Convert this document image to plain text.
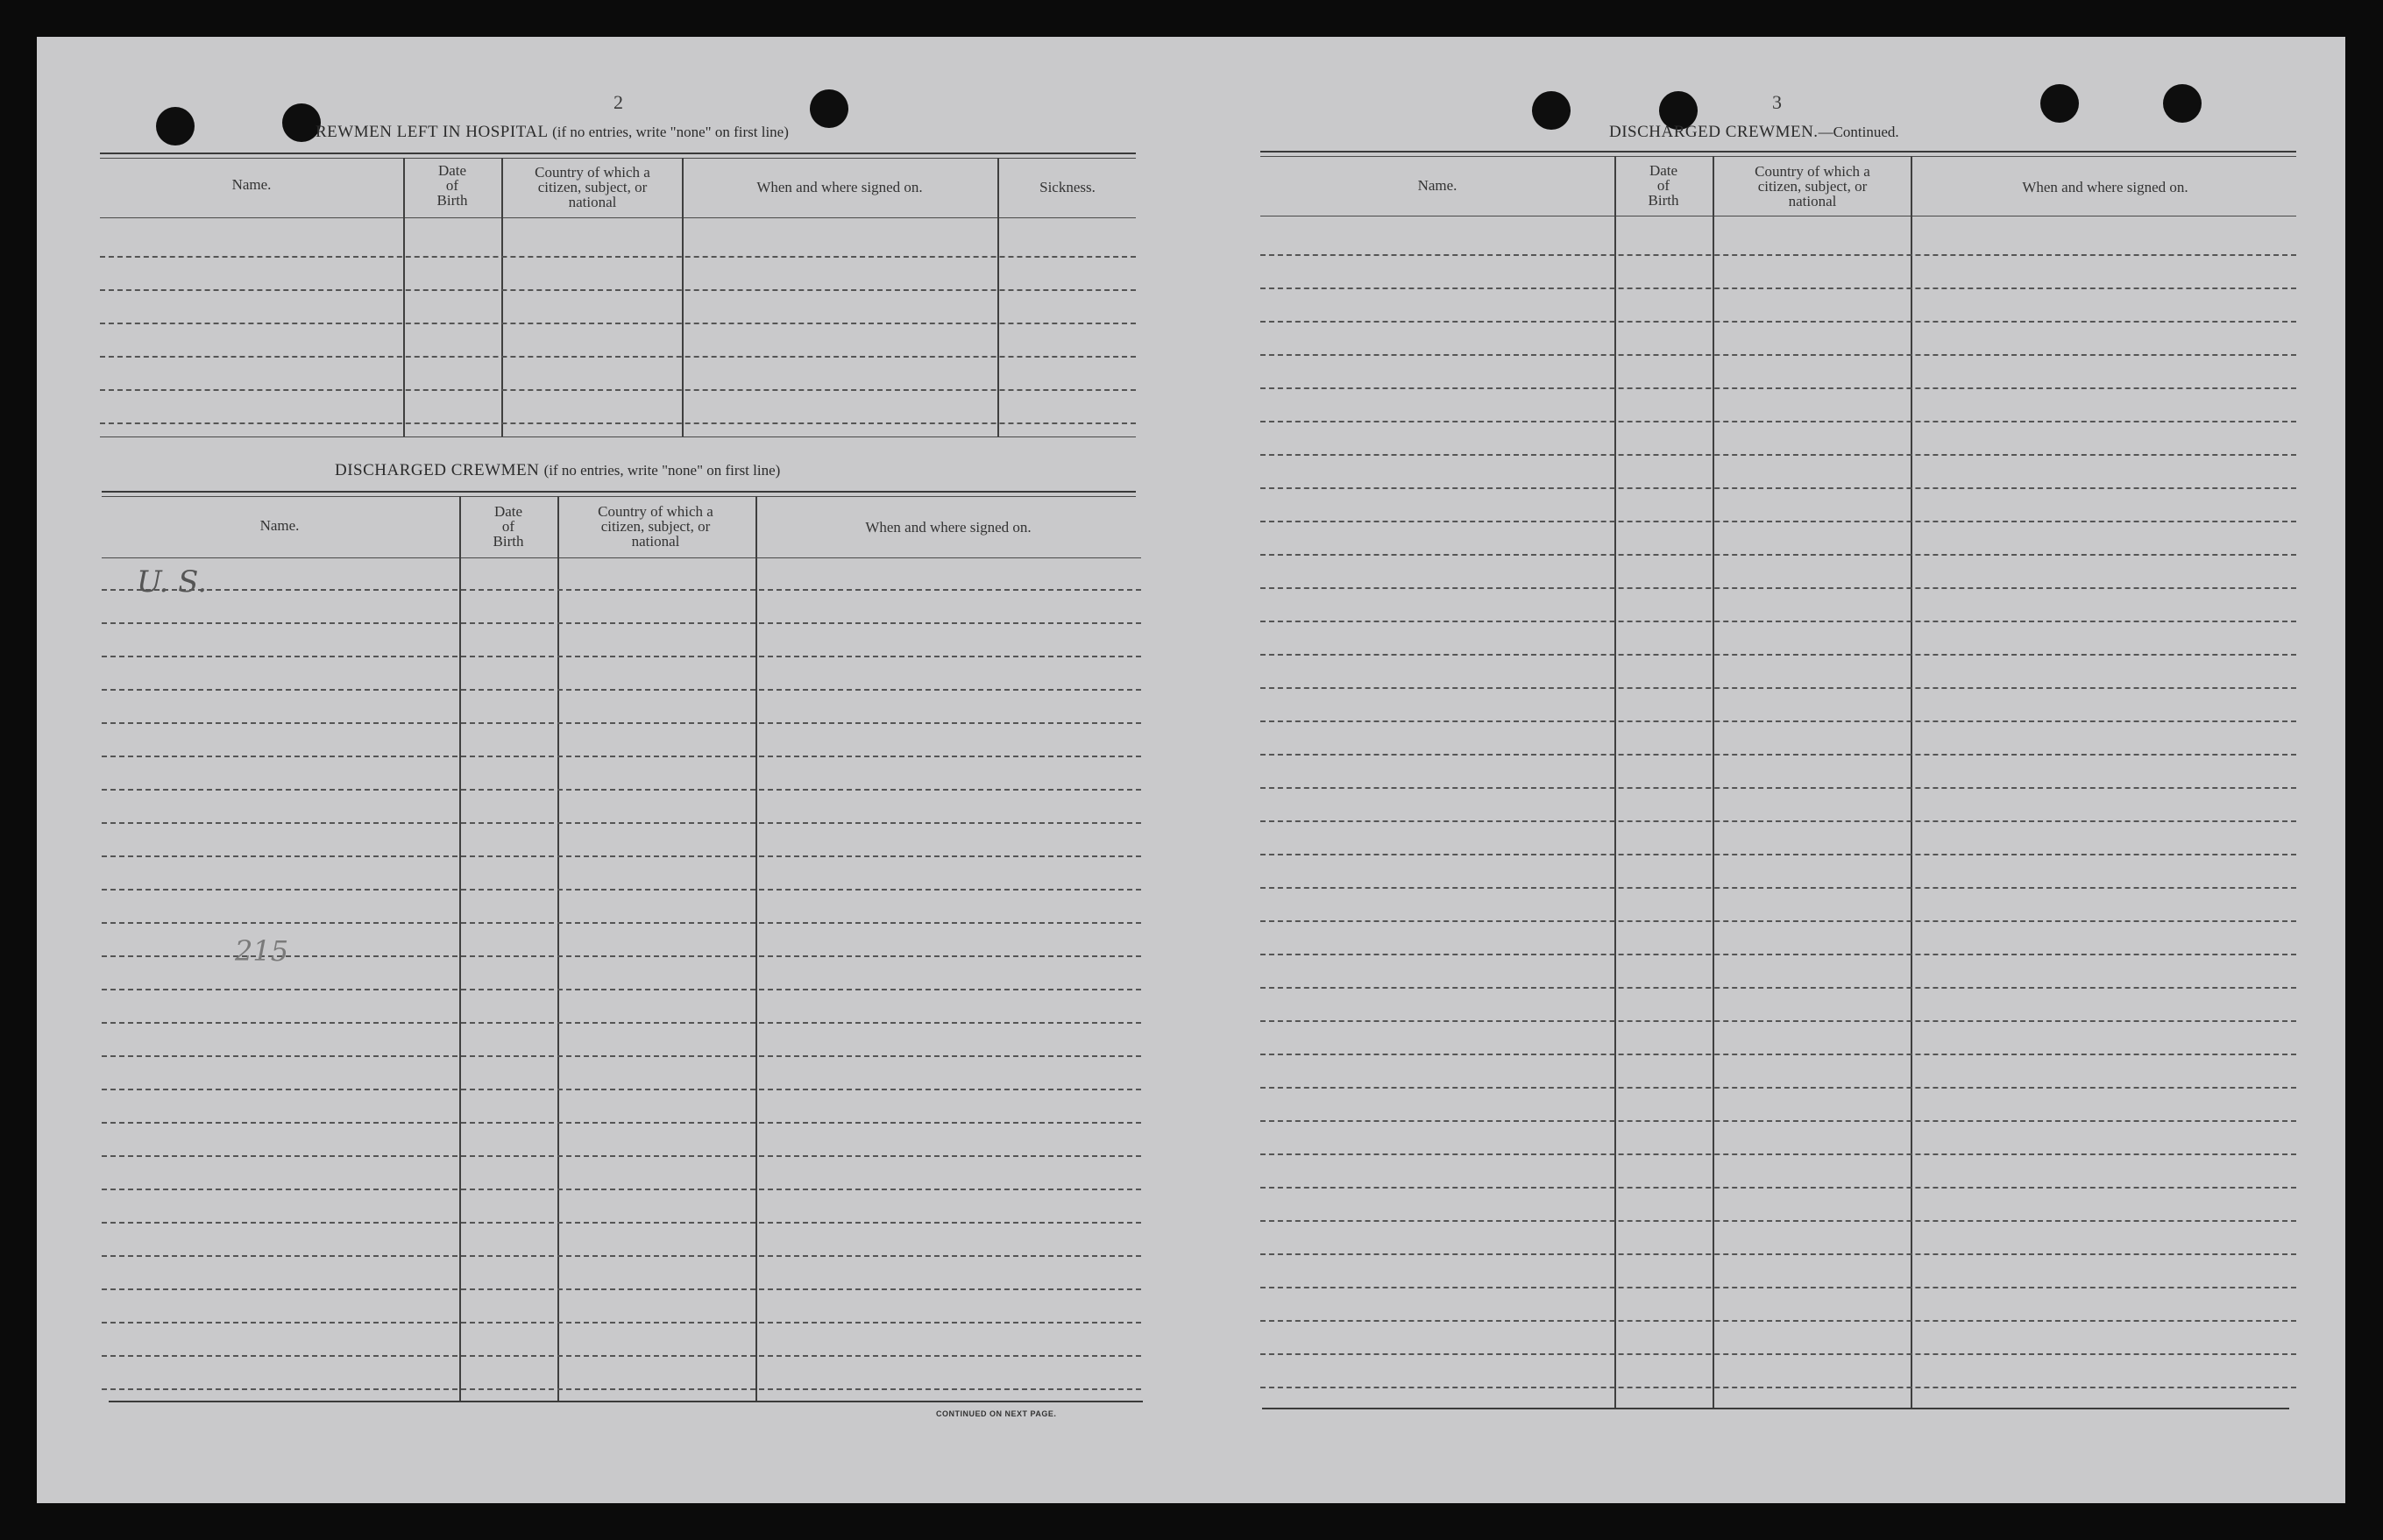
2
REWMEN LEFT IN HOSPITAL (if no entries, write "none" on first line)
Name.
Date
of
Birth
Country of which a
citizen, subject, or
national
When and where signed on.	Sickness.
DISCHARGED CREWMEN (if no entries, write "none" on first line)
Name.
Date
of
Birth
Country of which a
citizen, subject, or
national
When and where signed on.
U. S.
215
CONTINUED ON NEXT PAGE.
3
DISCHARGED CREWMEN.—Continued.
Name.
Date
of
Birth
Country of which a
citizen, subject, or
national
When and where signed on.
